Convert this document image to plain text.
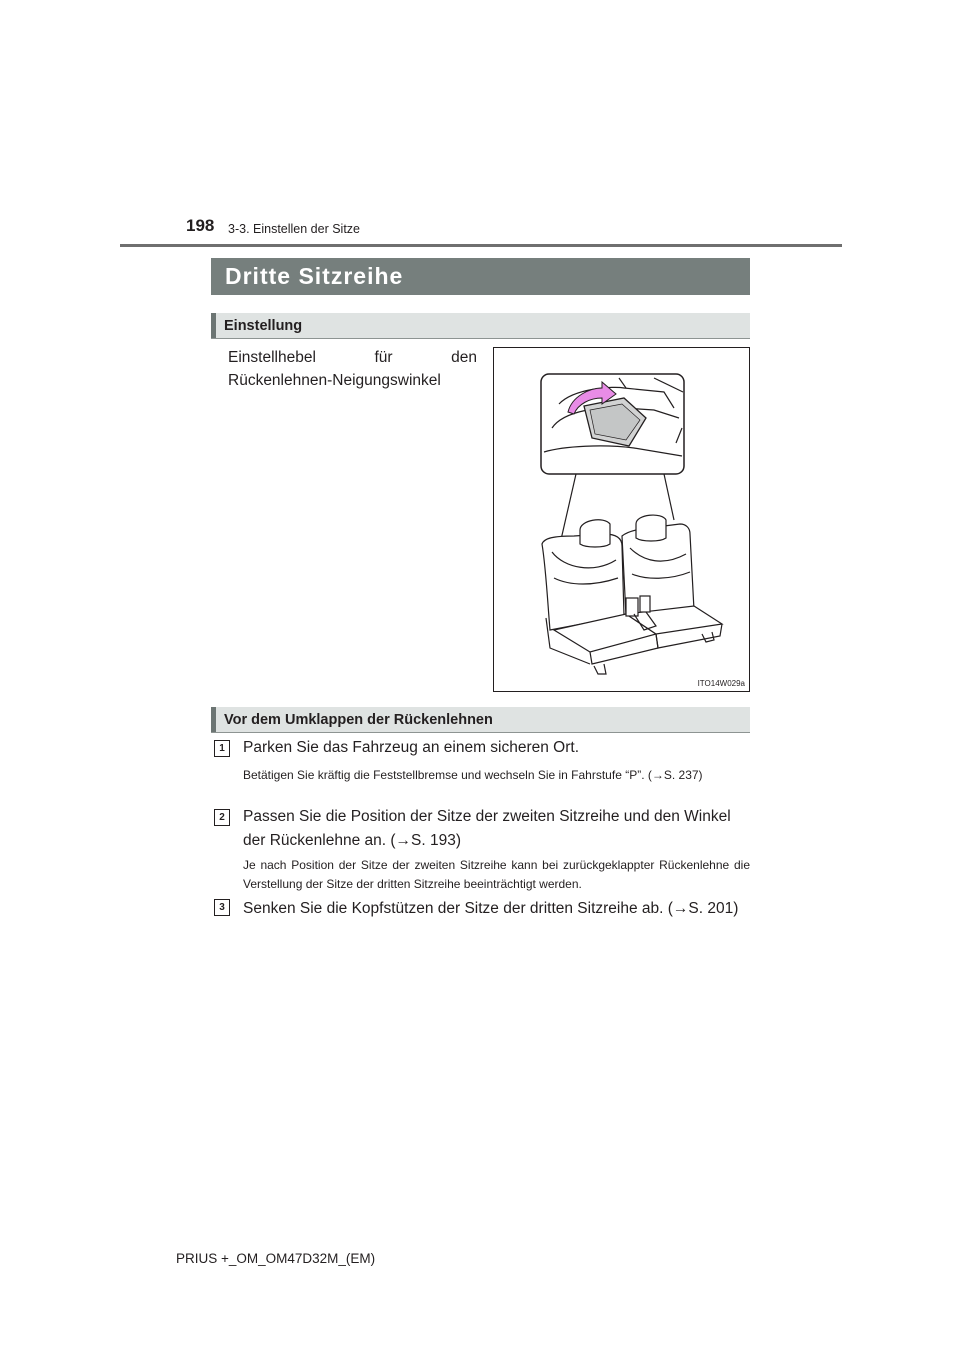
198 3-3. Einstellen der Sitze
Dritte Sitzreihe
Einstellung
Einstellhebel für den Rückenlehnen-Neigungswinkel
ITO14W029a
Vor dem Umklappen der Rückenlehnen
1	Parken Sie das Fahrzeug an einem sicheren Ort.
Betätigen Sie kräftig die Feststellbremse und wechseln Sie in Fahrstufe “P”. (→S. 237)
2	Passen Sie die Position der Sitze der zweiten Sitzreihe und den Winkel der Rückenlehne an. (→S. 193)
Je nach Position der Sitze der zweiten Sitzreihe kann bei zurückgeklappter Rückenlehne die Verstellung der Sitze der dritten Sitzreihe beeinträchtigt werden.
3	Senken Sie die Kopfstützen der Sitze der dritten Sitzreihe ab. (→S. 201)
PRIUS +_OM_OM47D32M_(EM)
